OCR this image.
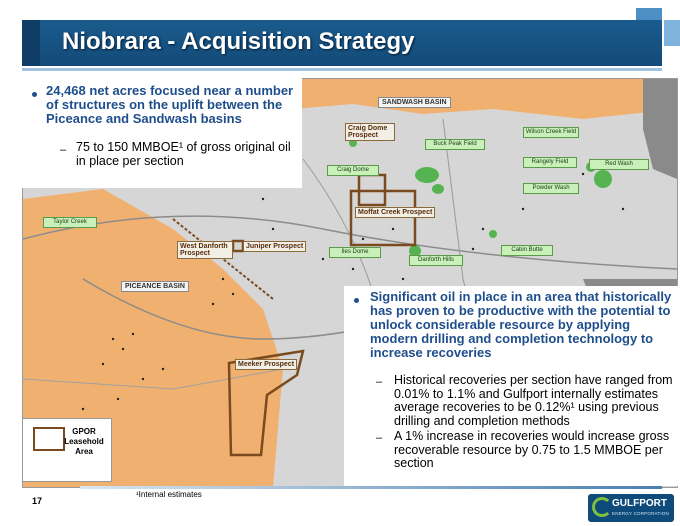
Niobrara - Acquisition Strategy
SANDWASH BASIN
PICEANCE BASIN
Craig Dome Prospect
Moffat Creek Prospect
West Danforth Prospect
Juniper Prospect
Meeker Prospect
Buck Peak Field
Craig Dome
Wilson Creek Field
Rangely Field
Powder Wash
Red Wash
Iles Dome	Cabin Butte
Danforth Hills
Taylor Creek
24,468 net acres focused near a number of structures on the uplift between the Piceance and Sandwash basins
– 75 to 150 MMBOE¹ of gross original oil in place per section
Significant oil in place in an area that historically has proven to be productive with the potential to unlock considerable resource by applying modern drilling and completion technology to increase recoveries
– Historical recoveries per section have ranged from 0.01% to 1.1% and Gulfport internally estimates average recoveries to be 0.12%¹ using previous drilling and completion methods
– A 1% increase in recoveries would increase gross recoverable resource by 0.75 to 1.5 MMBOE per section
GPOR Leasehold Area
17
¹Internal estimates
GULFPORT
ENERGY CORPORATION
